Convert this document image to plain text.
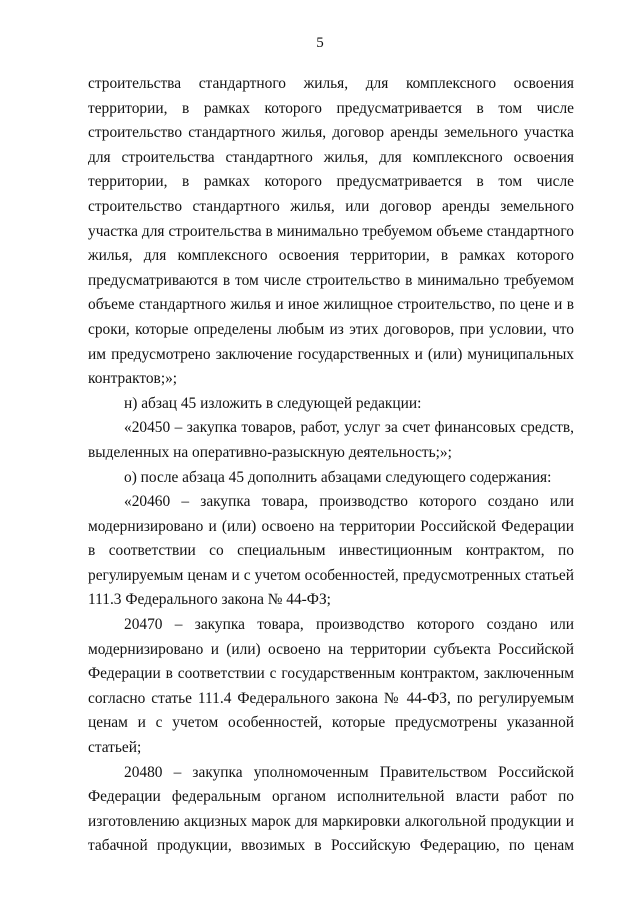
5

строительства стандартного жилья, для комплексного освоения территории, в рамках которого предусматривается в том числе строительство стандартного жилья, договор аренды земельного участка для строительства стандартного жилья, для комплексного освоения территории, в рамках которого предусматривается в том числе строительство стандартного жилья, или договор аренды земельного участка для строительства в минимально требуемом объеме стандартного жилья, для комплексного освоения территории, в рамках которого предусматриваются в том числе строительство в минимально требуемом объеме стандартного жилья и иное жилищное строительство, по цене и в сроки, которые определены любым из этих договоров, при условии, что им предусмотрено заключение государственных и (или) муниципальных контрактов;»;

н) абзац 45 изложить в следующей редакции:

«20450 – закупка товаров, работ, услуг за счет финансовых средств, выделенных на оперативно-разыскную деятельность;»;

о) после абзаца 45 дополнить абзацами следующего содержания:

«20460 – закупка товара, производство которого создано или модернизировано и (или) освоено на территории Российской Федерации в соответствии со специальным инвестиционным контрактом, по регулируемым ценам и с учетом особенностей, предусмотренных статьей 111.3 Федерального закона № 44-ФЗ;

20470 – закупка товара, производство которого создано или модернизировано и (или) освоено на территории субъекта Российской Федерации в соответствии с государственным контрактом, заключенным согласно статье 111.4 Федерального закона № 44-ФЗ, по регулируемым ценам и с учетом особенностей, которые предусмотрены указанной статьей;

20480 – закупка уполномоченным Правительством Российской Федерации федеральным органом исполнительной власти работ по изготовлению акцизных марок для маркировки алкогольной продукции и табачной продукции, ввозимых в Российскую Федерацию, по ценам
